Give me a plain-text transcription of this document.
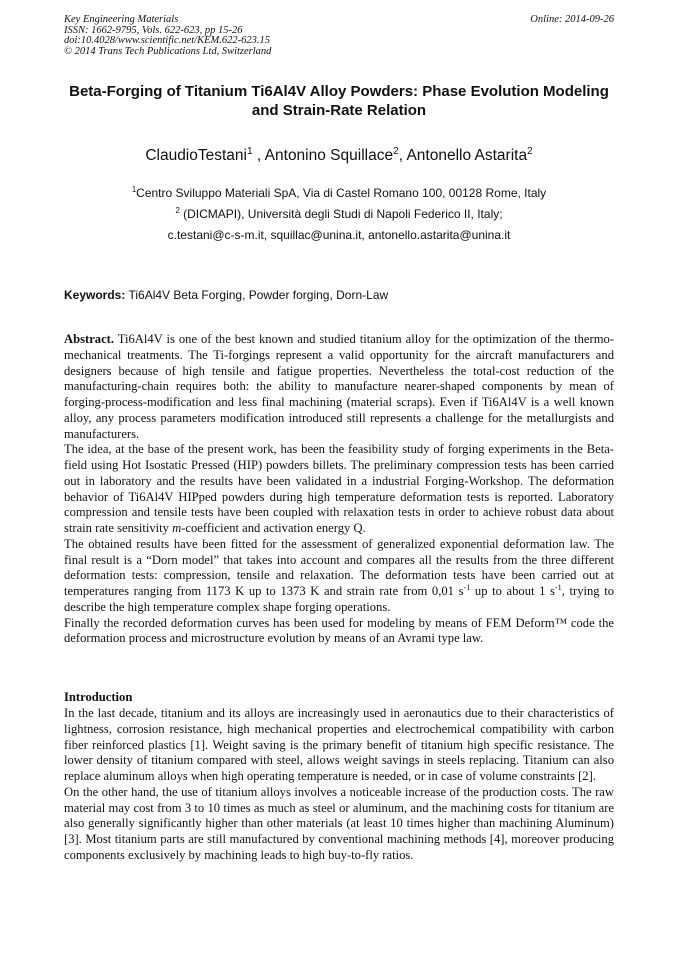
Key Engineering Materials
ISSN: 1662-9795, Vols. 622-623, pp 15-26
doi:10.4028/www.scientific.net/KEM.622-623.15
© 2014 Trans Tech Publications Ltd, Switzerland
Online: 2014-09-26
Beta-Forging of Titanium Ti6Al4V Alloy Powders: Phase Evolution Modeling and Strain-Rate Relation
ClaudioTestani$^1$ , Antonino Squillace$^2$, Antonello Astarita$^2$
$^1$Centro Sviluppo Materiali SpA, Via di Castel Romano 100, 00128 Rome, Italy
$^2$ (DICMAPI), Università degli Studi di Napoli Federico II, Italy;
c.testani@c-s-m.it, squillac@unina.it, antonello.astarita@unina.it
Keywords: Ti6Al4V Beta Forging, Powder forging, Dorn-Law

Abstract. Ti6Al4V is one of the best known and studied titanium alloy for the optimization of the thermo-mechanical treatments. The Ti-forgings represent a valid opportunity for the aircraft manufacturers and designers because of high tensile and fatigue properties. Nevertheless the total-cost reduction of the manufacturing-chain requires both: the ability to manufacture nearer-shaped components by mean of forging-process-modification and less final machining (material scraps). Even if Ti6Al4V is a well known alloy, any process parameters modification introduced still represents a challenge for the metallurgists and manufacturers.

The idea, at the base of the present work, has been the feasibility study of forging experiments in the Beta-field using Hot Isostatic Pressed (HIP) powders billets. The preliminary compression tests has been carried out in laboratory and the results have been validated in a industrial Forging-Workshop. The deformation behavior of Ti6Al4V HIPped powders during high temperature deformation tests is reported. Laboratory compression and tensile tests have been coupled with relaxation tests in order to achieve robust data about strain rate sensitivity m-coefficient and activation energy Q.

The obtained results have been fitted for the assessment of generalized exponential deformation law. The final result is a “Dorn model” that takes into account and compares all the results from the three different deformation tests: compression, tensile and relaxation. The deformation tests have been carried out at temperatures ranging from 1173 K up to 1373 K and strain rate from 0,01 $s^{-1}$ up to about 1 $s^{-1}$, trying to describe the high temperature complex shape forging operations.

Finally the recorded deformation curves has been used for modeling by means of FEM Deform™ code the deformation process and microstructure evolution by means of an Avrami type law.

Introduction

In the last decade, titanium and its alloys are increasingly used in aeronautics due to their characteristics of lightness, corrosion resistance, high mechanical properties and electrochemical compatibility with carbon fiber reinforced plastics [1]. Weight saving is the primary benefit of titanium high specific resistance. The lower density of titanium compared with steel, allows weight savings in steels replacing. Titanium can also replace aluminum alloys when high operating temperature is needed, or in case of volume constraints [2].

On the other hand, the use of titanium alloys involves a noticeable increase of the production costs. The raw material may cost from 3 to 10 times as much as steel or aluminum, and the machining costs for titanium are also generally significantly higher than other materials (at least 10 times higher than machining Aluminum) [3]. Most titanium parts are still manufactured by conventional machining methods [4], moreover producing components exclusively by machining leads to high buy-to-fly ratios.
